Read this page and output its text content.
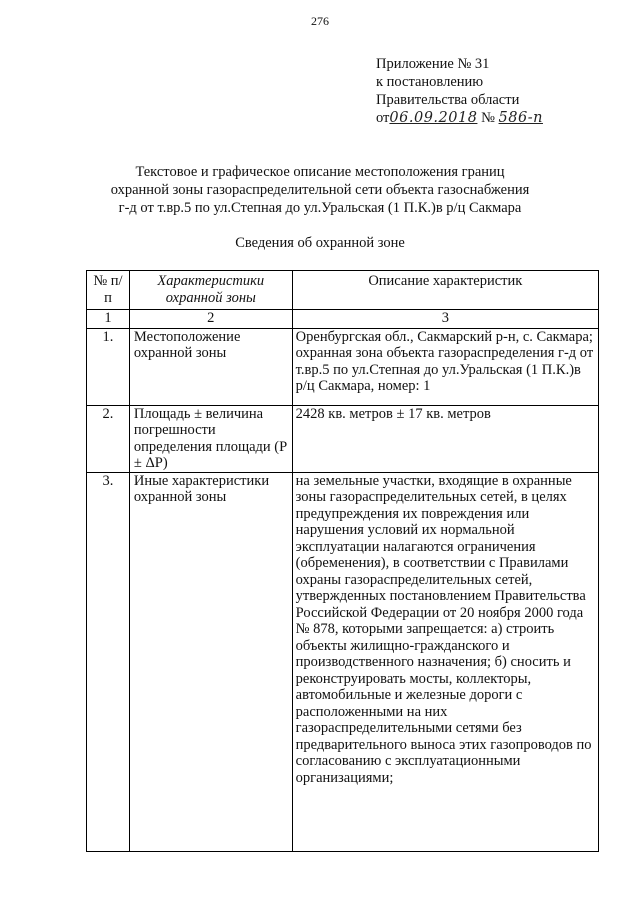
276
Приложение № 31
к постановлению
Правительства области
от06.09.2018 № 586-п
Текстовое и графическое описание местоположения границ
охранной зоны газораспределительной сети объекта газоснабжения
г-д от т.вр.5 по ул.Степная до ул.Уральская (1 П.К.)в р/ц Сакмара
Сведения об охранной зоне
№ п/п	Характеристики охранной зоны	Описание характеристик
1	2	3
1.	Местоположение охранной зоны	Оренбургская обл., Сакмарский р-н, с. Сакмара; охранная зона объекта газораспределения г-д от т.вр.5 по ул.Степная до ул.Уральская (1 П.К.)в р/ц Сакмара, номер: 1
2.	Площадь ± величина погрешности определения площади (P ± ΔP)	2428 кв. метров ± 17 кв. метров
3.	Иные характеристики охранной зоны	на земельные участки, входящие в охранные зоны газораспределительных сетей, в целях предупреждения их повреждения или нарушения условий их нормальной эксплуатации налагаются ограничения (обременения), в соответствии с Правилами охраны газораспределительных сетей, утвержденных постановлением Правительства Российской Федерации от 20 ноября 2000 года № 878, которыми запрещается: а) строить объекты жилищно-гражданского и производственного назначения; б) сносить и реконструировать мосты, коллекторы, автомобильные и железные дороги с расположенными на них газораспределительными сетями без предварительного выноса этих газопроводов по согласованию с эксплуатационными организациями;
